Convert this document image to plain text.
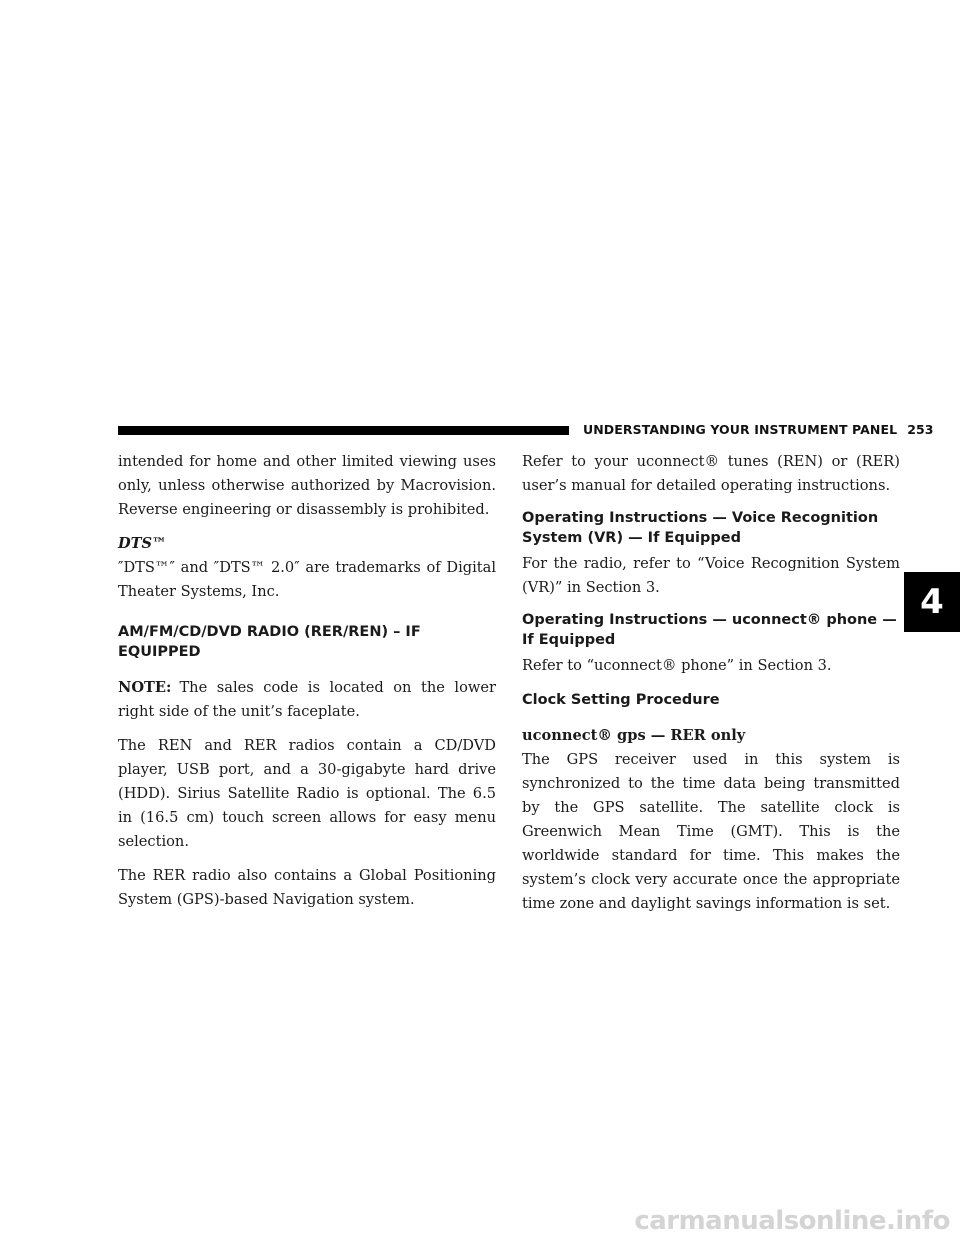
UNDERSTANDING YOUR INSTRUMENT PANEL 253
4

intended for home and other limited viewing uses only, unless otherwise authorized by Macrovision. Reverse engineering or disassembly is prohibited.

DTS™

″DTS™″ and ″DTS™ 2.0″ are trademarks of Digital Theater Systems, Inc.

AM/FM/CD/DVD RADIO (RER/REN) – IF EQUIPPED

NOTE: The sales code is located on the lower right side of the unit’s faceplate.

The REN and RER radios contain a CD/DVD player, USB port, and a 30-gigabyte hard drive (HDD). Sirius Satellite Radio is optional. The 6.5 in (16.5 cm) touch screen allows for easy menu selection.

The RER radio also contains a Global Positioning System (GPS)-based Navigation system.

Refer to your uconnect® tunes (REN) or (RER) user’s manual for detailed operating instructions.

Operating Instructions — Voice Recognition System (VR) — If Equipped

For the radio, refer to “Voice Recognition System (VR)” in Section 3.

Operating Instructions — uconnect® phone — If Equipped

Refer to “uconnect® phone” in Section 3.

Clock Setting Procedure

uconnect® gps — RER only

The GPS receiver used in this system is synchronized to the time data being transmitted by the GPS satellite. The satellite clock is Greenwich Mean Time (GMT). This is the worldwide standard for time. This makes the system’s clock very accurate once the appropriate time zone and daylight savings information is set.

carmanualsonline.info
